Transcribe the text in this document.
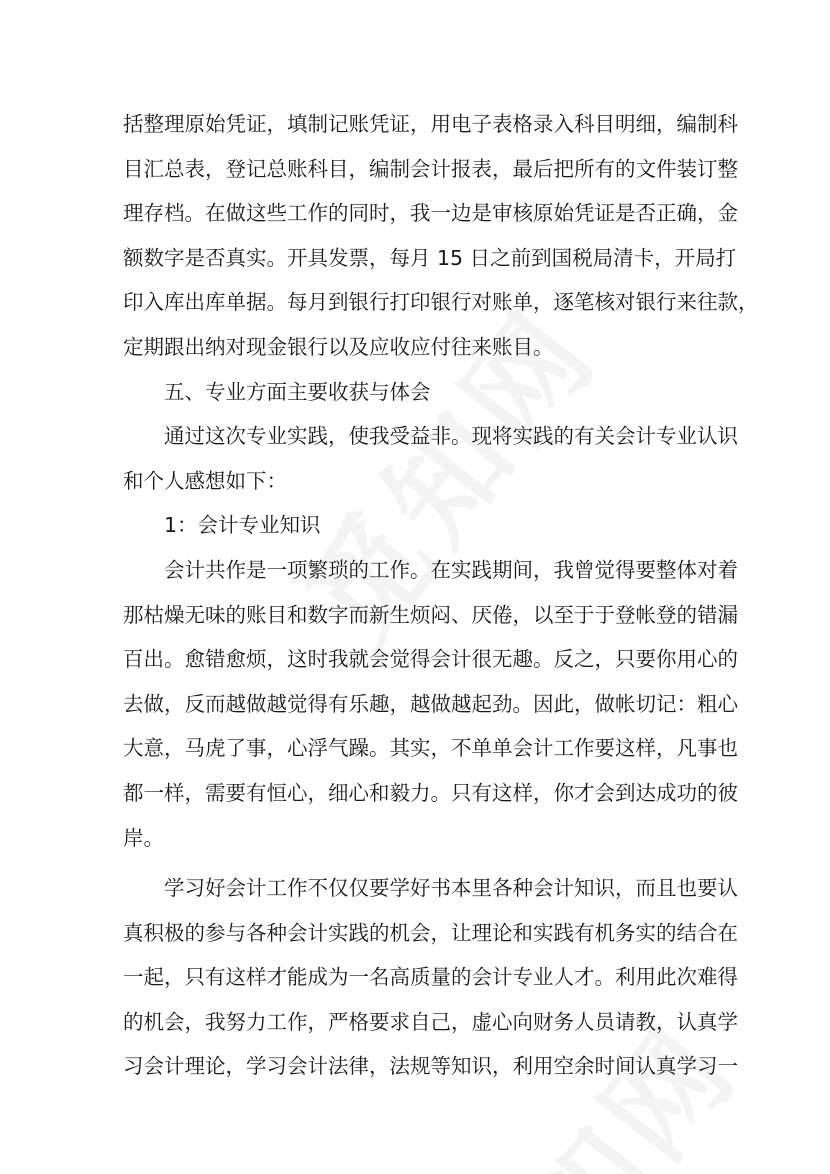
括整理原始凭证，填制记账凭证，用电子表格录入科目明细，编制科
目汇总表，登记总账科目，编制会计报表，最后把所有的文件装订整
理存档。在做这些工作的同时，我一边是审核原始凭证是否正确，金
额数字是否真实。开具发票，每月 15 日之前到国税局清卡，开局打
印入库出库单据。每月到银行打印银行对账单，逐笔核对银行来往款，
定期跟出纳对现金银行以及应收应付往来账目。
五、专业方面主要收获与体会
通过这次专业实践，使我受益非。现将实践的有关会计专业认识
和个人感想如下：
1：会计专业知识
会计共作是一项繁琐的工作。在实践期间，我曾觉得要整体对着
那枯燥无味的账目和数字而新生烦闷、厌倦，以至于于登帐登的错漏
百出。愈错愈烦，这时我就会觉得会计很无趣。反之，只要你用心的
去做，反而越做越觉得有乐趣，越做越起劲。因此，做帐切记：粗心
大意，马虎了事，心浮气躁。其实，不单单会计工作要这样，凡事也
都一样，需要有恒心，细心和毅力。只有这样，你才会到达成功的彼
岸。
学习好会计工作不仅仅要学好书本里各种会计知识，而且也要认
真积极的参与各种会计实践的机会，让理论和实践有机务实的结合在
一起，只有这样才能成为一名高质量的会计专业人才。利用此次难得
的机会，我努力工作，严格要求自己，虚心向财务人员请教，认真学
习会计理论，学习会计法律，法规等知识，利用空余时间认真学习一
